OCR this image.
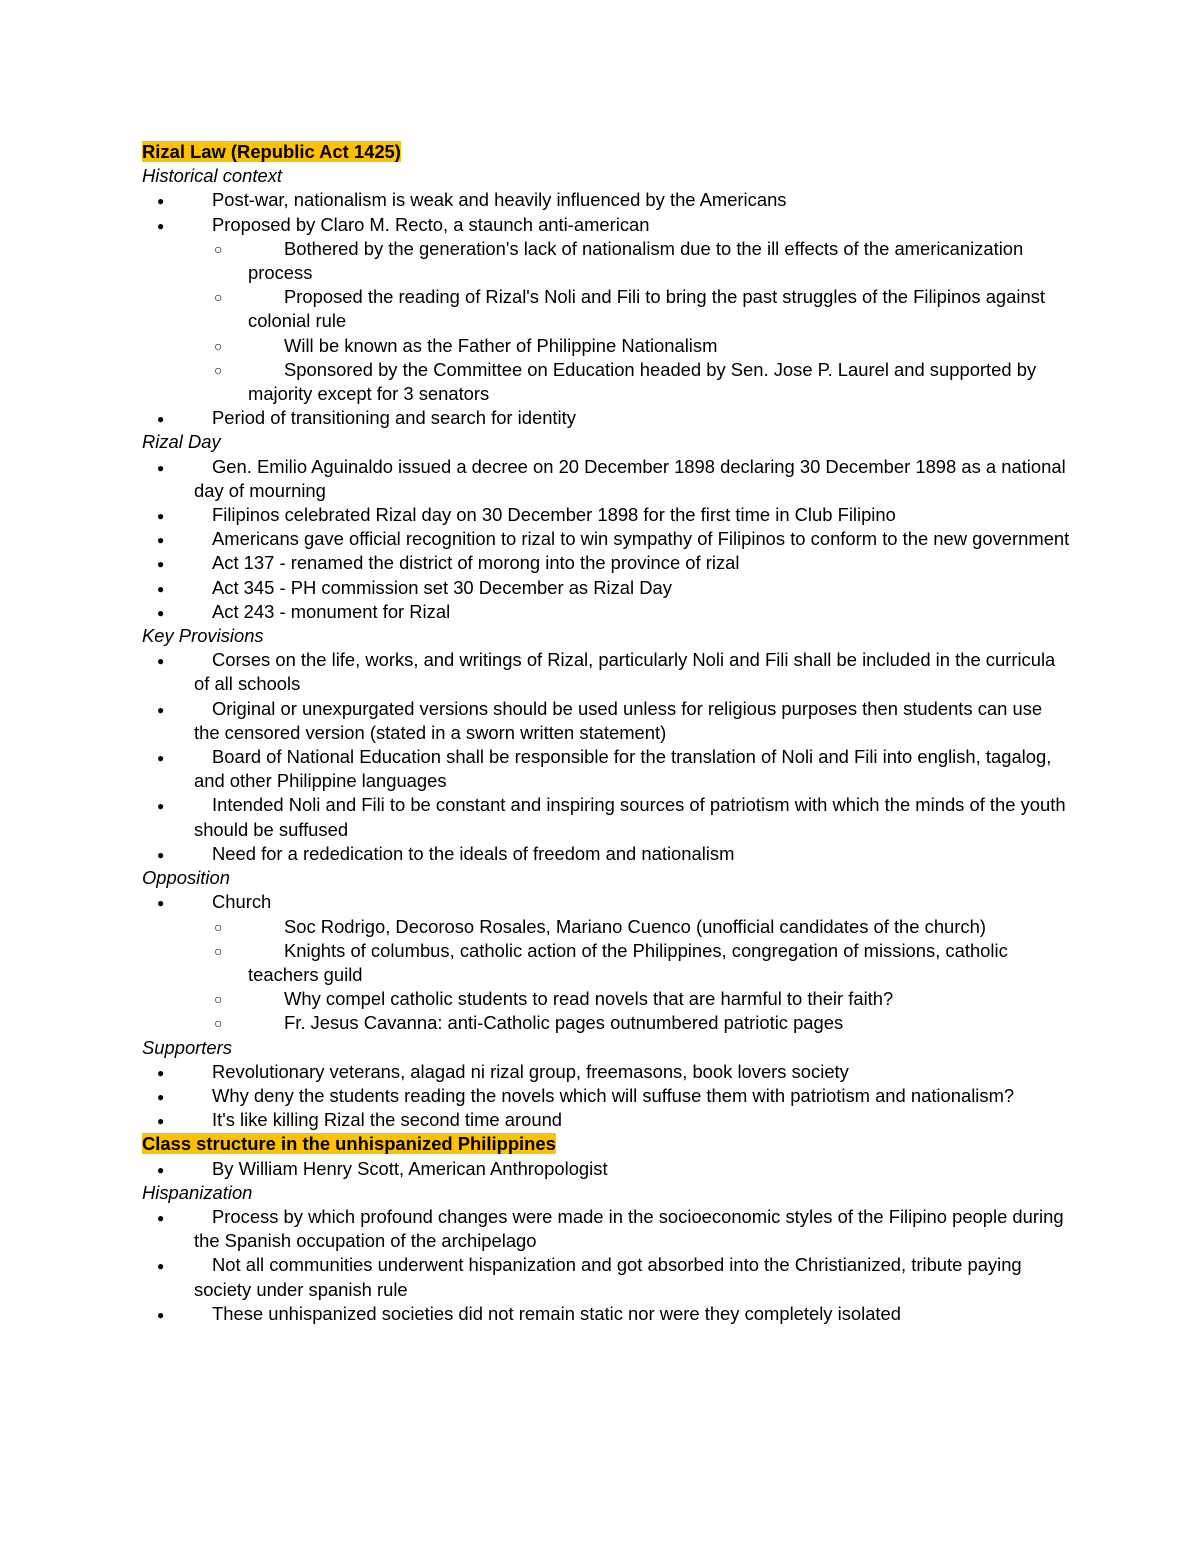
Rizal Law (Republic Act 1425)
Historical context
●	Post-war, nationalism is weak and heavily influenced by the Americans
●	Proposed by Claro M. Recto, a staunch anti-american
○	Bothered by the generation's lack of nationalism due to the ill effects of the americanization process
○	Proposed the reading of Rizal's Noli and Fili to bring the past struggles of the Filipinos against colonial rule
○	Will be known as the Father of Philippine Nationalism
○	Sponsored by the Committee on Education headed by Sen. Jose P. Laurel and supported by majority except for 3 senators
●	Period of transitioning and search for identity
Rizal Day
●	Gen. Emilio Aguinaldo issued a decree on 20 December 1898 declaring 30 December 1898 as a national day of mourning
●	Filipinos celebrated Rizal day on 30 December 1898 for the first time in Club Filipino
●	Americans gave official recognition to rizal to win sympathy of Filipinos to conform to the new government
●	Act 137 - renamed the district of morong into the province of rizal
●	Act 345 - PH commission set 30 December as Rizal Day
●	Act 243 - monument for Rizal
Key Provisions
●	Corses on the life, works, and writings of Rizal, particularly Noli and Fili shall be included in the curricula of all schools
●	Original or unexpurgated versions should be used unless for religious purposes then students can use the censored version (stated in a sworn written statement)
●	Board of National Education shall be responsible for the translation of Noli and Fili into english, tagalog, and other Philippine languages
●	Intended Noli and Fili to be constant and inspiring sources of patriotism with which the minds of the youth should be suffused
●	Need for a rededication to the ideals of freedom and nationalism
Opposition
●	Church
○	Soc Rodrigo, Decoroso Rosales, Mariano Cuenco (unofficial candidates of the church)
○	Knights of columbus, catholic action of the Philippines, congregation of missions, catholic teachers guild
○	Why compel catholic students to read novels that are harmful to their faith?
○	Fr. Jesus Cavanna: anti-Catholic pages outnumbered patriotic pages
Supporters
●	Revolutionary veterans, alagad ni rizal group, freemasons, book lovers society
●	Why deny the students reading the novels which will suffuse them with patriotism and nationalism?
●	It's like killing Rizal the second time around
Class structure in the unhispanized Philippines
●	By William Henry Scott, American Anthropologist
Hispanization
●	Process by which profound changes were made in the socioeconomic styles of the Filipino people during the Spanish occupation of the archipelago
●	Not all communities underwent hispanization and got absorbed into the Christianized, tribute paying society under spanish rule
●	These unhispanized societies did not remain static nor were they completely isolated
